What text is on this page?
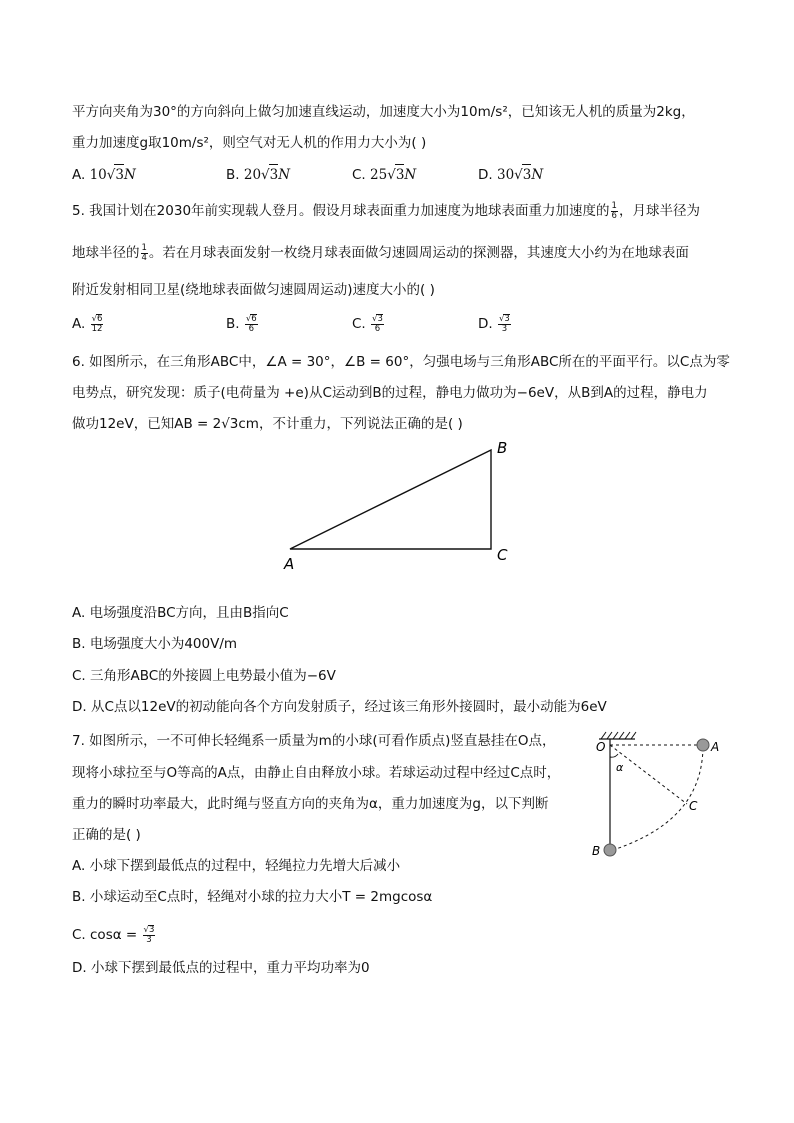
平方向夹角为30°的方向斜向上做匀加速直线运动，加速度大小为10m/s²，已知该无人机的质量为2kg，
重力加速度g取10m/s²，则空气对无人机的作用力大小为( )
A. 10√3N	B. 20√3N	C. 25√3N	D. 30√3N
5. 我国计划在2030年前实现载人登月。假设月球表面重力加速度为地球表面重力加速度的 $\frac{1}{6}$ ，月球半径为
地球半径的 $\frac{1}{4}$ 。若在月球表面发射一枚绕月球表面做匀速圆周运动的探测器，其速度大小约为在地球表面
附近发射相同卫星(绕地球表面做匀速圆周运动)速度大小的( )
A. $\frac{√6}{12}$	B. $\frac{√6}{6}$	C. $\frac{√3}{6}$	D. $\frac{√3}{3}$
6. 如图所示，在三角形ABC中，∠A = 30°，∠B = 60°，匀强电场与三角形ABC所在的平面平行。以C点为零
电势点，研究发现：质子(电荷量为 +e)从C运动到B的过程，静电力做功为−6eV，从B到A的过程，静电力
做功12eV，已知AB = 2√3cm，不计重力，下列说法正确的是( )
A
B
C
A. 电场强度沿BC方向，且由B指向C
B. 电场强度大小为400V/m
C. 三角形ABC的外接圆上电势最小值为−6V
D. 从C点以12eV的初动能向各个方向发射质子，经过该三角形外接圆时，最小动能为6eV
7. 如图所示，一不可伸长轻绳系一质量为m的小球(可看作质点)竖直悬挂在O点，
现将小球拉至与O等高的A点，由静止自由释放小球。若球运动过程中经过C点时，
重力的瞬时功率最大，此时绳与竖直方向的夹角为α，重力加速度为g，以下判断
正确的是( )
A. 小球下摆到最低点的过程中，轻绳拉力先增大后减小
B. 小球运动至C点时，轻绳对小球的拉力大小T = 2mgcosα
C. $\cos\alpha = \frac{√3}{3}$
D. 小球下摆到最低点的过程中，重力平均功率为0
O	A
B
C
α
